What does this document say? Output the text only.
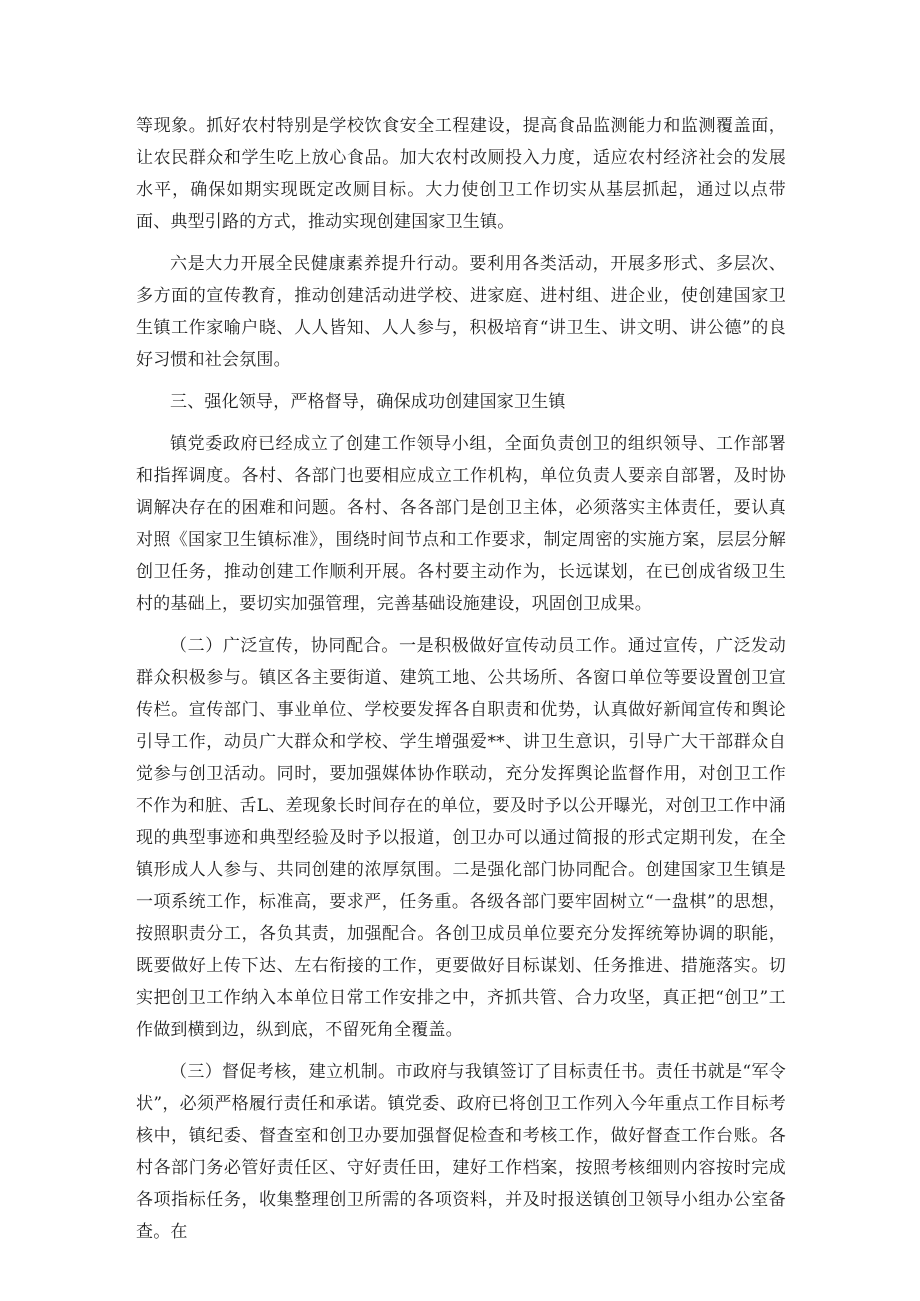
等现象。抓好农村特别是学校饮食安全工程建设，提高食品监测能力和监测覆盖面，让农民群众和学生吃上放心食品。加大农村改厕投入力度，适应农村经济社会的发展水平，确保如期实现既定改厕目标。大力使创卫工作切实从基层抓起，通过以点带面、典型引路的方式，推动实现创建国家卫生镇。

六是大力开展全民健康素养提升行动。要利用各类活动，开展多形式、多层次、多方面的宣传教育，推动创建活动进学校、进家庭、进村组、进企业，使创建国家卫生镇工作家喻户晓、人人皆知、人人参与，积极培育“讲卫生、讲文明、讲公德”的良好习惯和社会氛围。

三、强化领导，严格督导，确保成功创建国家卫生镇

镇党委政府已经成立了创建工作领导小组，全面负责创卫的组织领导、工作部署和指挥调度。各村、各部门也要相应成立工作机构，单位负责人要亲自部署，及时协调解决存在的困难和问题。各村、各各部门是创卫主体，必须落实主体责任，要认真对照《国家卫生镇标准》，围绕时间节点和工作要求，制定周密的实施方案，层层分解创卫任务，推动创建工作顺利开展。各村要主动作为，长远谋划，在已创成省级卫生村的基础上，要切实加强管理，完善基础设施建设，巩固创卫成果。

（二）广泛宣传，协同配合。一是积极做好宣传动员工作。通过宣传，广泛发动群众积极参与。镇区各主要街道、建筑工地、公共场所、各窗口单位等要设置创卫宣传栏。宣传部门、事业单位、学校要发挥各自职责和优势，认真做好新闻宣传和舆论引导工作，动员广大群众和学校、学生增强爱**、讲卫生意识，引导广大干部群众自觉参与创卫活动。同时，要加强媒体协作联动，充分发挥舆论监督作用，对创卫工作不作为和脏、舌L、差现象长时间存在的单位，要及时予以公开曝光，对创卫工作中涌现的典型事迹和典型经验及时予以报道，创卫办可以通过简报的形式定期刊发，在全镇形成人人参与、共同创建的浓厚氛围。二是强化部门协同配合。创建国家卫生镇是一项系统工作，标准高，要求严，任务重。各级各部门要牢固树立“一盘棋”的思想，按照职责分工，各负其责，加强配合。各创卫成员单位要充分发挥统筹协调的职能，既要做好上传下达、左右衔接的工作，更要做好目标谋划、任务推进、措施落实。切实把创卫工作纳入本单位日常工作安排之中，齐抓共管、合力攻坚，真正把“创卫”工作做到横到边，纵到底，不留死角全覆盖。

（三）督促考核，建立机制。市政府与我镇签订了目标责任书。责任书就是“军令状”，必须严格履行责任和承诺。镇党委、政府已将创卫工作列入今年重点工作目标考核中，镇纪委、督查室和创卫办要加强督促检查和考核工作，做好督查工作台账。各村各部门务必管好责任区、守好责任田，建好工作档案，按照考核细则内容按时完成各项指标任务，收集整理创卫所需的各项资料，并及时报送镇创卫领导小组办公室备查。在
